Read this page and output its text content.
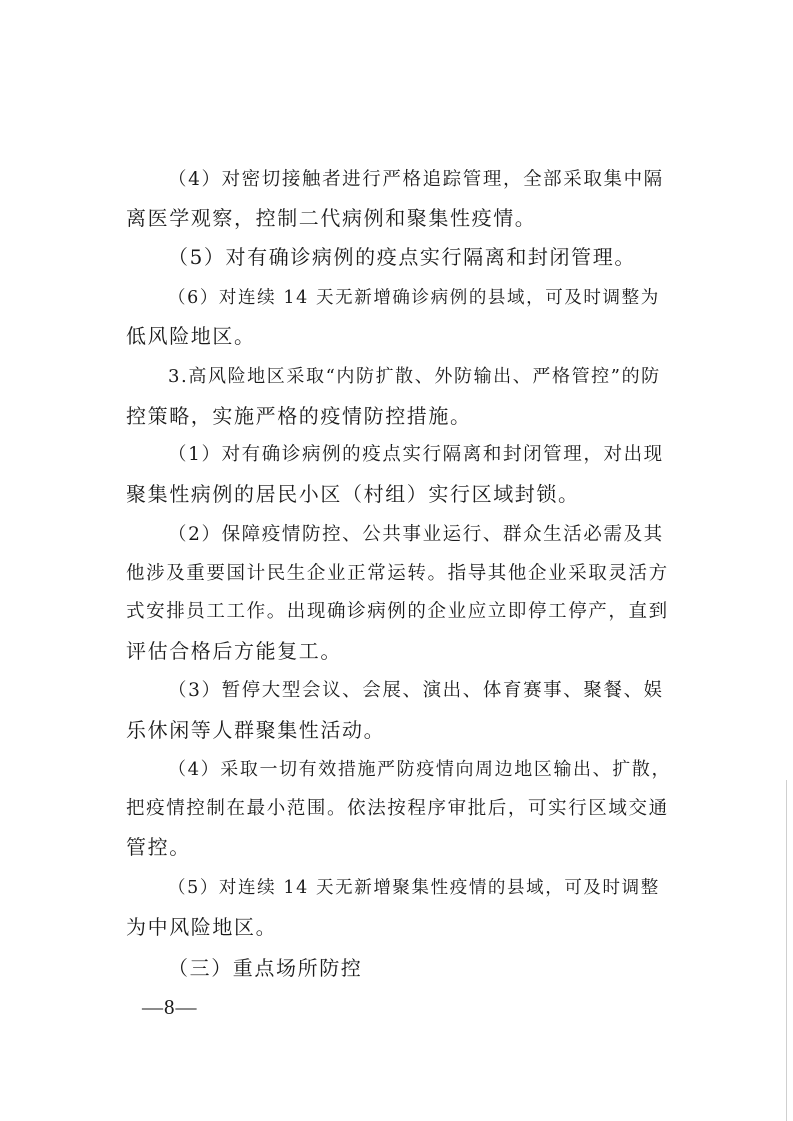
（4）对密切接触者进行严格追踪管理，全部采取集中隔
离医学观察，控制二代病例和聚集性疫情。
（5）对有确诊病例的疫点实行隔离和封闭管理。
（6）对连续 14 天无新增确诊病例的县域，可及时调整为
低风险地区。
3.高风险地区采取“内防扩散、外防输出、严格管控”的防
控策略，实施严格的疫情防控措施。
（1）对有确诊病例的疫点实行隔离和封闭管理，对出现
聚集性病例的居民小区（村组）实行区域封锁。
（2）保障疫情防控、公共事业运行、群众生活必需及其
他涉及重要国计民生企业正常运转。指导其他企业采取灵活方
式安排员工工作。出现确诊病例的企业应立即停工停产，直到
评估合格后方能复工。
（3）暂停大型会议、会展、演出、体育赛事、聚餐、娱
乐休闲等人群聚集性活动。
（4）采取一切有效措施严防疫情向周边地区输出、扩散，
把疫情控制在最小范围。依法按程序审批后，可实行区域交通
管控。
（5）对连续 14 天无新增聚集性疫情的县域，可及时调整
为中风险地区。
（三）重点场所防控
—8—
